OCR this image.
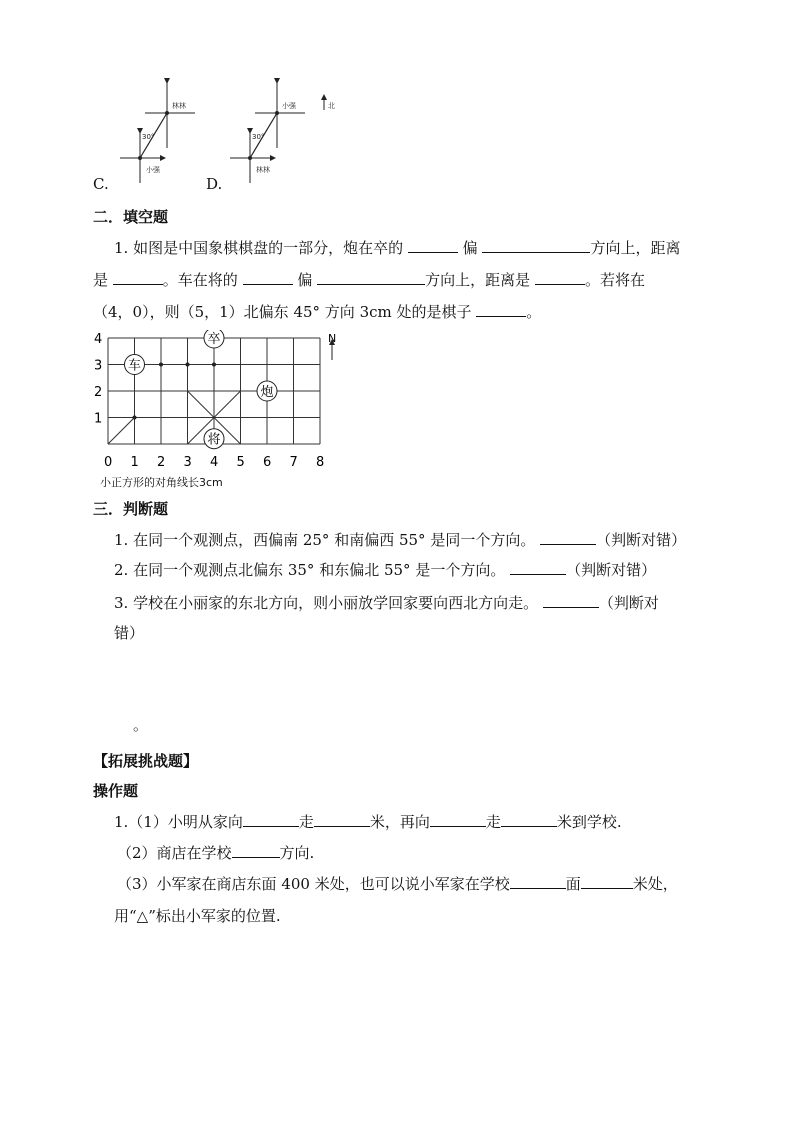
C.
林林
小强
30°
D.
小强
林林
30°
北
二．填空题
1. 如图是中国象棋棋盘的一部分，炮在卒的	偏	方向上，距离
是	。车在将的	偏	方向上，距离是	。若将在
（4，0），则（5，1）北偏东 45° 方向 3cm 处的是棋子	。
0 1 2 3 4 5 6 7 8
1
2
3
4	卒
车
炮
将
N
小正方形的对角线长3cm
三．判断题
1. 在同一个观测点，西偏南 25° 和南偏西 55° 是同一个方向。	（判断对错）
2. 在同一个观测点北偏东 35° 和东偏北 55° 是一个方向。	（判断对错）
3. 学校在小丽家的东北方向，则小丽放学回家要向西北方向走。	（判断对
错）
。
【拓展挑战题】
操作题
1.（1）小明从家向	走	米，再向	走	米到学校.
（2）商店在学校	方向.
（3）小军家在商店东面 400 米处，也可以说小军家在学校	面	米处，
用“△”标出小军家的位置.
